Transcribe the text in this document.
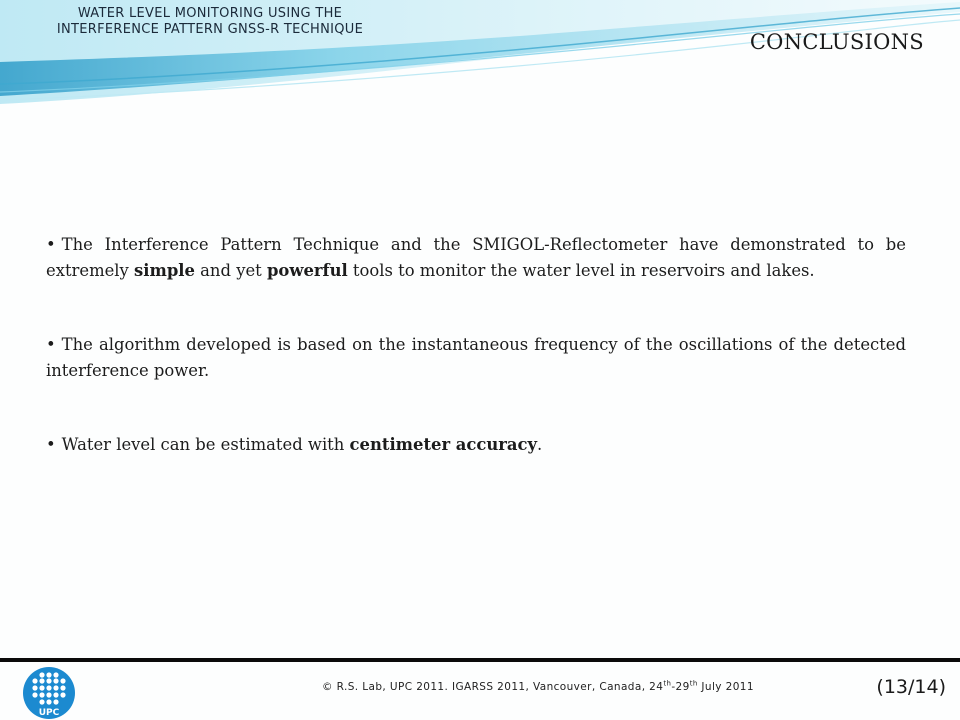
WATER LEVEL MONITORING USING THE
INTERFERENCE PATTERN GNSS-R TECHNIQUE
CONCLUSIONS

• The Interference Pattern Technique and the SMIGOL-Reflectometer have demonstrated to be extremely simple and yet powerful tools to monitor the water level in reservoirs and lakes.

• The algorithm developed is based on the instantaneous frequency of the oscillations of the detected interference power.

• Water level can be estimated with centimeter accuracy.

UPC
© R.S. Lab, UPC 2011. IGARSS 2011, Vancouver, Canada, 24th-29th July 2011	(13/14)
